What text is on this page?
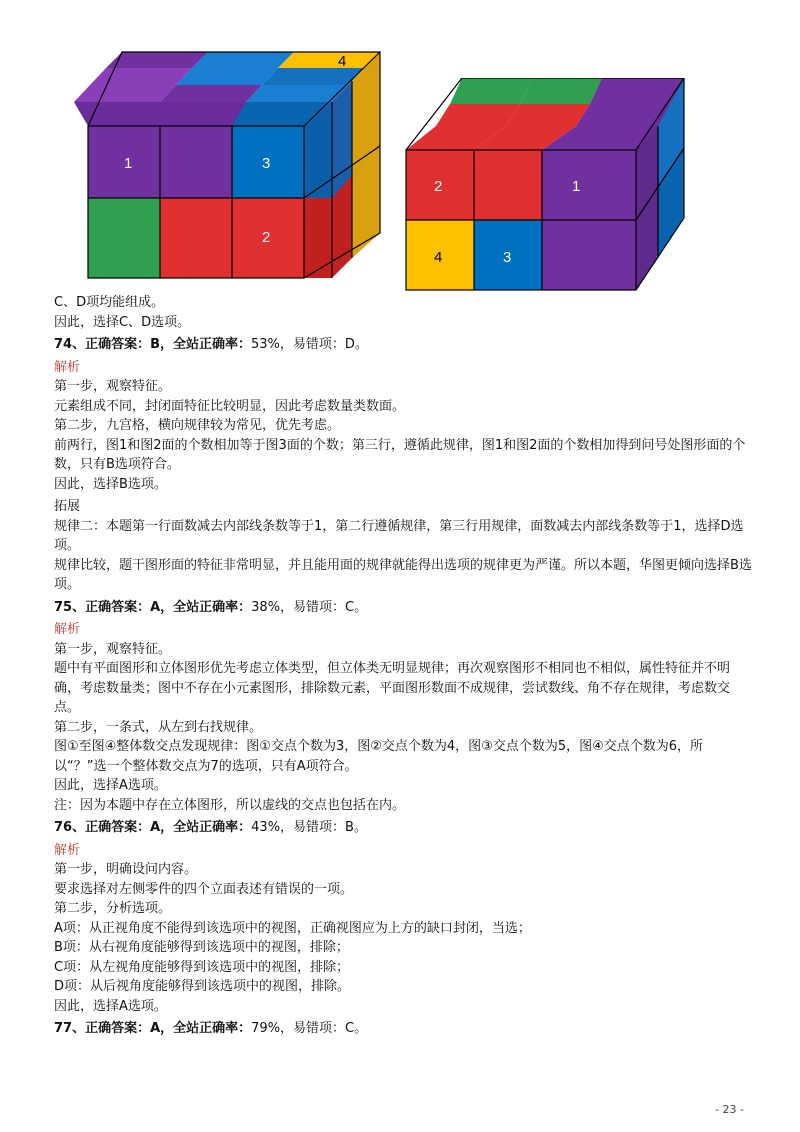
1	3
2
4
2	1
4	3

C、D项均能组成。

因此，选择C、D选项。

74、正确答案：B，全站正确率：53%，易错项：D。

解析

第一步，观察特征。

元素组成不同，封闭面特征比较明显，因此考虑数量类数面。

第二步，九宫格，横向规律较为常见，优先考虑。

前两行，图1和图2面的个数相加等于图3面的个数；第三行，遵循此规律，图1和图2面的个数相加得到问号处图形面的个数，只有B选项符合。

因此，选择B选项。

拓展

规律二：本题第一行面数减去内部线条数等于1，第二行遵循规律，第三行用规律，面数减去内部线条数等于1，选择D选项。

规律比较，题干图形面的特征非常明显，并且能用面的规律就能得出选项的规律更为严谨。所以本题，华图更倾向选择B选项。

75、正确答案：A，全站正确率：38%，易错项：C。

解析

第一步，观察特征。

题中有平面图形和立体图形优先考虑立体类型，但立体类无明显规律；再次观察图形不相同也不相似，属性特征并不明确，考虑数量类；图中不存在小元素图形，排除数元素，平面图形数面不成规律，尝试数线、角不存在规律，考虑数交点。

第二步，一条式，从左到右找规律。

图①至图④整体数交点发现规律：图①交点个数为3，图②交点个数为4，图③交点个数为5，图④交点个数为6，所以“？”选一个整体数交点为7的选项，只有A项符合。

因此，选择A选项。

注：因为本题中存在立体图形，所以虚线的交点也包括在内。

76、正确答案：A，全站正确率：43%，易错项：B。

解析

第一步，明确设问内容。

要求选择对左侧零件的四个立面表述有错误的一项。

第二步，分析选项。

A项：从正视角度不能得到该选项中的视图，正确视图应为上方的缺口封闭，当选；

B项：从右视角度能够得到该选项中的视图，排除；

C项：从左视角度能够得到该选项中的视图，排除；

D项：从后视角度能够得到该选项中的视图，排除。

因此，选择A选项。

77、正确答案：A，全站正确率：79%，易错项：C。

- 23 -
